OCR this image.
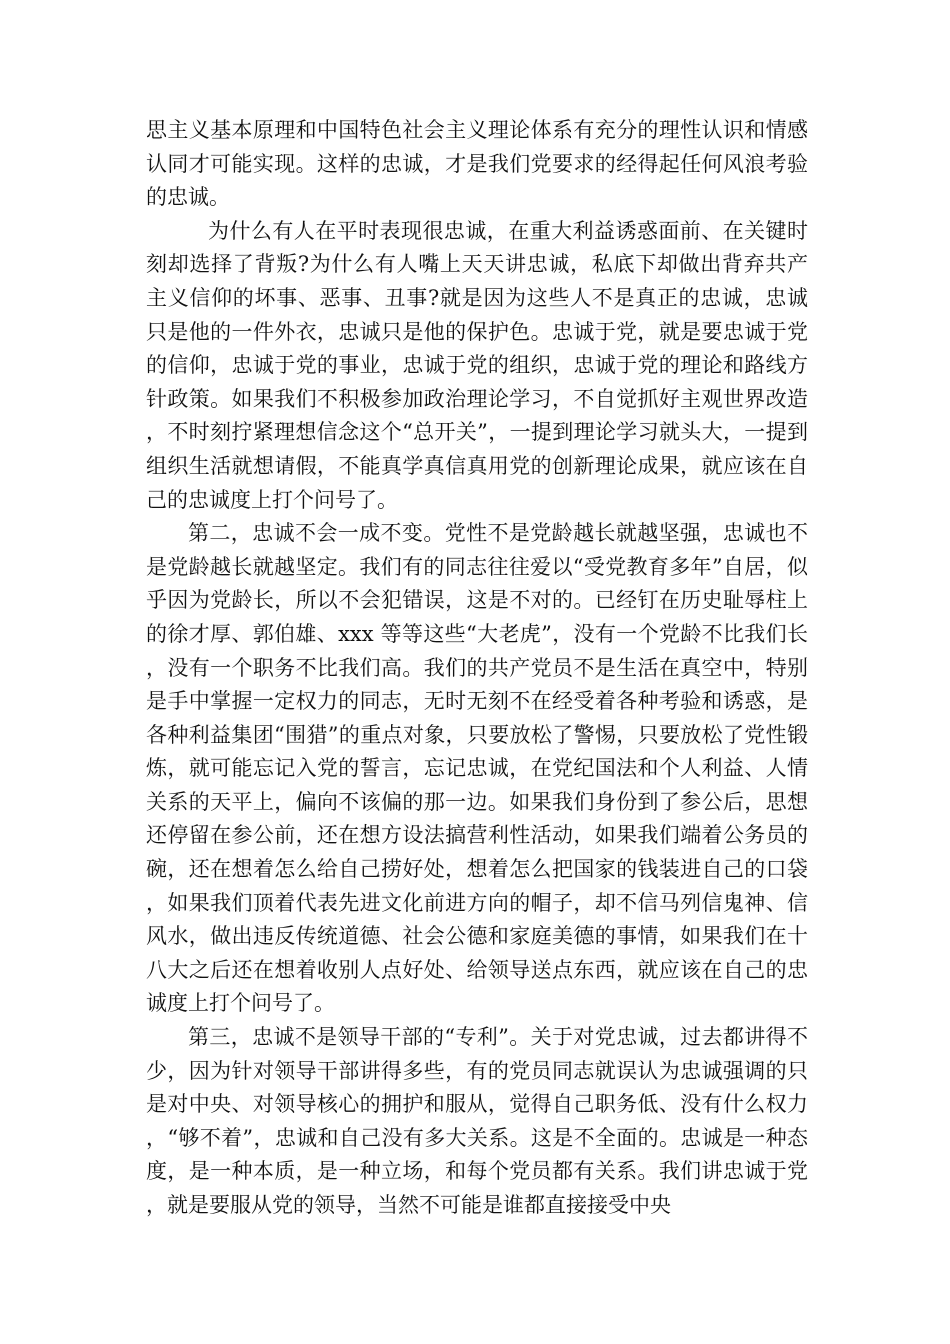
思主义基本原理和中国特色社会主义理论体系有充分的理性认识和情感认同才可能实现。这样的忠诚，才是我们党要求的经得起任何风浪考验的忠诚。

为什么有人在平时表现很忠诚，在重大利益诱惑面前、在关键时刻却选择了背叛?为什么有人嘴上天天讲忠诚，私底下却做出背弃共产主义信仰的坏事、恶事、丑事?就是因为这些人不是真正的忠诚，忠诚只是他的一件外衣，忠诚只是他的保护色。忠诚于党，就是要忠诚于党的信仰，忠诚于党的事业，忠诚于党的组织，忠诚于党的理论和路线方针政策。如果我们不积极参加政治理论学习，不自觉抓好主观世界改造，不时刻拧紧理想信念这个“总开关”，一提到理论学习就头大，一提到组织生活就想请假，不能真学真信真用党的创新理论成果，就应该在自己的忠诚度上打个问号了。

第二，忠诚不会一成不变。党性不是党龄越长就越坚强，忠诚也不是党龄越长就越坚定。我们有的同志往往爱以“受党教育多年”自居，似乎因为党龄长，所以不会犯错误，这是不对的。已经钉在历史耻辱柱上的徐才厚、郭伯雄、xxx 等等这些“大老虎”，没有一个党龄不比我们长，没有一个职务不比我们高。我们的共产党员不是生活在真空中，特别是手中掌握一定权力的同志，无时无刻不在经受着各种考验和诱惑，是各种利益集团“围猎”的重点对象，只要放松了警惕，只要放松了党性锻炼，就可能忘记入党的誓言，忘记忠诚，在党纪国法和个人利益、人情关系的天平上，偏向不该偏的那一边。如果我们身份到了参公后，思想还停留在参公前，还在想方设法搞营利性活动，如果我们端着公务员的碗，还在想着怎么给自己捞好处，想着怎么把国家的钱装进自己的口袋，如果我们顶着代表先进文化前进方向的帽子，却不信马列信鬼神、信风水，做出违反传统道德、社会公德和家庭美德的事情，如果我们在十八大之后还在想着收别人点好处、给领导送点东西，就应该在自己的忠诚度上打个问号了。

第三，忠诚不是领导干部的“专利”。关于对党忠诚，过去都讲得不少，因为针对领导干部讲得多些，有的党员同志就误认为忠诚强调的只是对中央、对领导核心的拥护和服从，觉得自己职务低、没有什么权力，“够不着”，忠诚和自己没有多大关系。这是不全面的。忠诚是一种态度，是一种本质，是一种立场，和每个党员都有关系。我们讲忠诚于党，就是要服从党的领导，当然不可能是谁都直接接受中央
